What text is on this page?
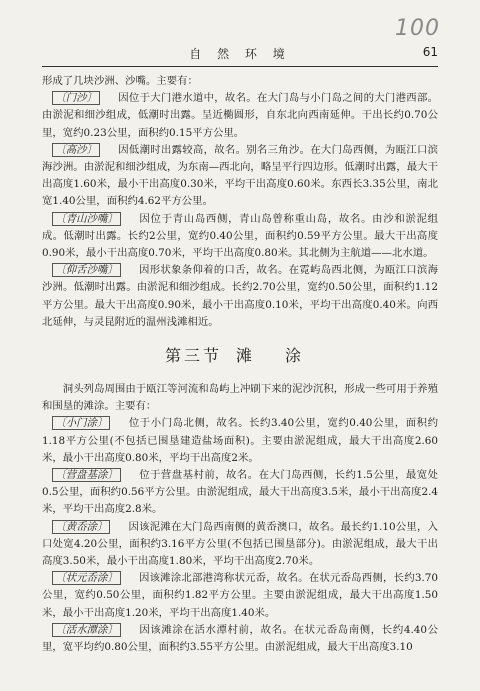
100
自 然 环 境	61

形成了几块沙洲、沙嘴。主要有：

〔门沙〕 因位于大门港水道中，故名。在大门岛与小门岛之间的大门港西部。由淤泥和细沙组成，低潮时出露。呈近椭圆形，自东北向西南延伸。干出长约0.70公里，宽约0.23公里，面积约0.15平方公里。

〔高沙〕 因低潮时出露较高，故名。别名三角沙。在大门岛西侧，为瓯江口滨海沙洲。由淤泥和细沙组成，为东南—西北向，略呈平行四边形。低潮时出露，最大干出高度1.60米，最小干出高度0.30米，平均干出高度0.60米。东西长3.35公里，南北宽1.40公里，面积约4.62平方公里。

〔青山沙嘴〕 因位于青山岛西侧，青山岛曾称重山岛，故名。由沙和淤泥组成。低潮时出露。长约2公里，宽约0.40公里，面积约0.59平方公里。最大干出高度0.90米，最小干出高度0.70米，平均干出高度0.80米。其北侧为主航道——北水道。

〔仰舌沙嘴〕 因形状象条仰着的口舌，故名。在霓屿岛西北侧，为瓯江口滨海沙洲。低潮时出露。由淤泥和细沙组成。长约2.70公里，宽约0.50公里，面积约1.12平方公里。最大干出高度0.90米，最小干出高度0.10米，平均干出高度0.40米。向西北延伸，与灵昆附近的温州浅滩相近。

第三节 滩 涂

洞头列岛周围由于瓯江等河流和岛屿上冲刷下来的泥沙沉积，形成一些可用于养殖和围垦的滩涂。主要有：

〔小门涂〕 位于小门岛北侧，故名。长约3.40公里，宽约0.40公里，面积约1.18平方公里(不包括已围垦建造盐场面积)。主要由淤泥组成，最大干出高度2.60米，最小干出高度0.80米，平均干出高度2米。

〔营盘基涂〕 位于营盘基村前，故名。在大门岛西侧，长约1.5公里，最宽处0.5公里，面积约0.56平方公里。由淤泥组成，最大干出高度3.5米，最小干出高度2.4米，平均干出高度2.8米。

〔黄岙涂〕 因该泥滩在大门岛西南侧的黄岙澳口，故名。最长约1.10公里，入口处宽4.20公里，面积约3.16平方公里(不包括已围垦部分)。由淤泥组成，最大干出高度3.50米，最小干出高度1.80米，平均干出高度2.70米。

〔状元岙涂〕 因该滩涂北部港湾称状元岙，故名。在状元岙岛西侧，长约3.70公里，宽约0.50公里，面积约1.82平方公里。主要由淤泥组成，最大干出高度1.50米，最小干出高度1.20米，平均干出高度1.40米。

〔活水潭涂〕 因该滩涂在活水潭村前，故名。在状元岙岛南侧，长约4.40公里，宽平均约0.80公里，面积约3.55平方公里。由淤泥组成，最大干出高度3.10
